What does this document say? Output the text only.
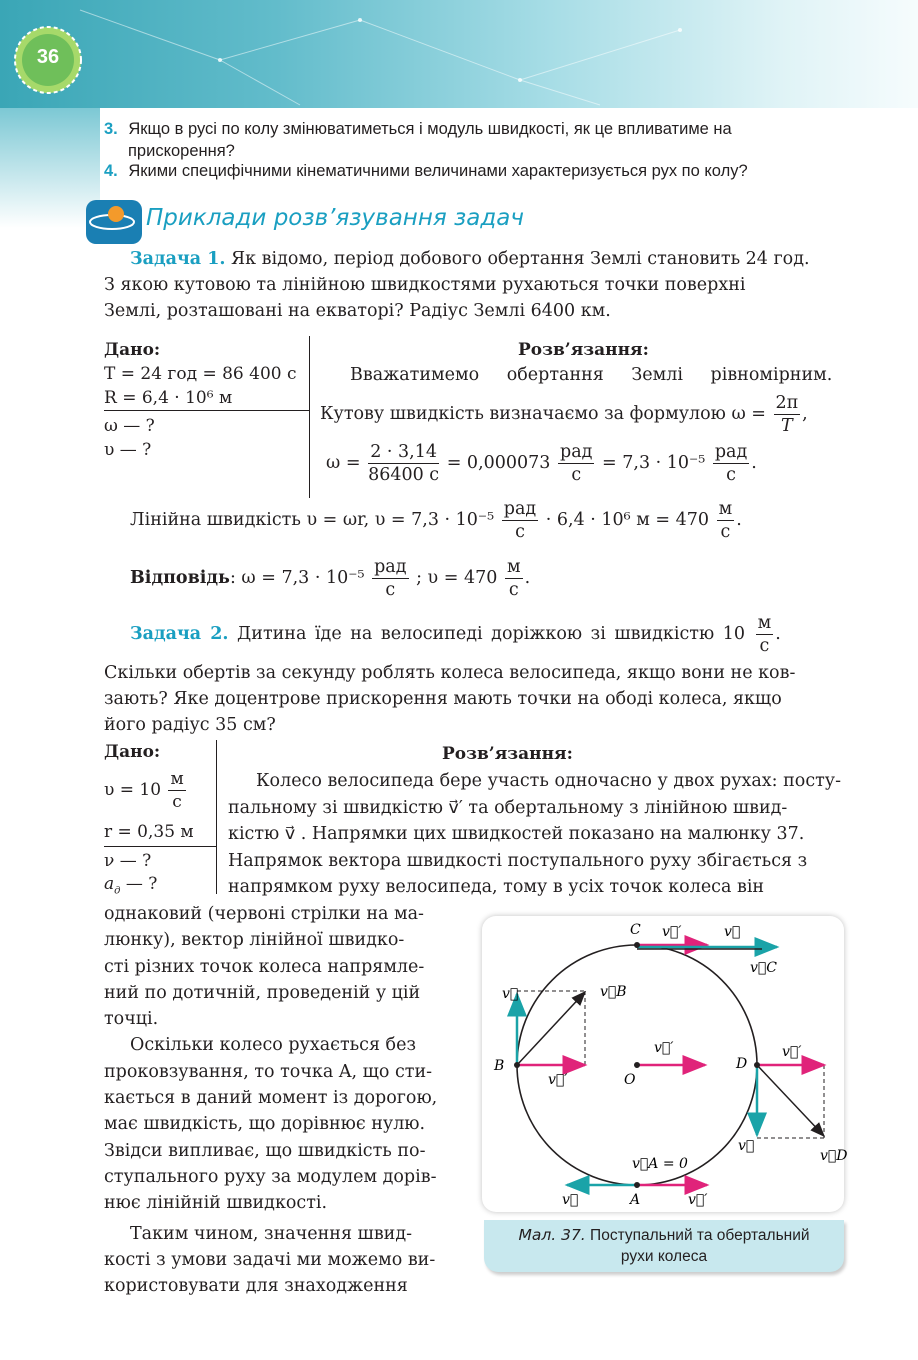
36
3. Якщо в русі по колу змінюватиметься і модуль швидкості, як це впливатиме на
прискорення?
4. Якими специфічними кінематичними величинами характеризується рух по колу?
Приклади розв’язування задач
Задача 1. Як відомо, період добового обертання Землі становить 24 год.
З якою кутовою та лінійною швидкостями рухаються точки поверхні
Землі, розташовані на екваторі? Радіус Землі 6400 км.
Дано:
T = 24 год = 86 400 с
R = 6,4 · 10⁶ м
ω — ?
υ — ?
Розв’язання:
Вважатимемо обертання Землі рівномірним.
Кутову швидкість визначаємо за формулою $\omega = \frac{2\pi}{T}$ ,
$\omega = \frac{2 \cdot 3,14}{86400 с} = 0,000073 \frac{\text{рад}}{с} = 7,3 \cdot 10^{-5} \frac{\text{рад}}{с}$ .
Лінійна швидкість υ = ωr, $\upsilon = 7,3 \cdot 10^{-5} \frac{\text{рад}}{с} \cdot 6,4 \cdot 10^6$ $м = 470 \frac{м}{с}$ .
Відповідь: $\omega = 7,3 \cdot 10^{-5} \frac{\text{рад}}{с}$ ; $\upsilon = 470 \frac{м}{с}$ .
Задача 2. Дитина їде на велосипеді доріжкою зі швидкістю $10 \frac{м}{с}$ .
Скільки обертів за секунду роблять колеса велосипеда, якщо вони не ков-
зають? Яке доцентрове прискорення мають точки на ободі колеса, якщо
його радіус 35 см?
Дано:
$\upsilon = 10 \frac{м}{с}$
r = 0,35 м
ν — ?
$a_д$ — ?
Розв’язання:
Колесо велосипеда бере участь одночасно у двох рухах: посту-
пальному зі швидкістю v⃗′ та обертальному з лінійною швид-
кістю v⃗ . Напрямки цих швидкостей показано на малюнку 37.
Напрямок вектора швидкості поступального руху збігається з
напрямком руху велосипеда, тому в усіх точок колеса він
однаковий (червоні стрілки на ма-
люнку), вектор лінійної швидко-
сті різних точок колеса напрямле-
ний по дотичній, проведеній у цій
точці.
Оскільки колесо рухається без
проковзування, то точка A, що сти-
кається в даний момент із дорогою,
має швидкість, що дорівнює нулю.
Звідси випливає, що швидкість по-
ступального руху за модулем дорів-
нює лінійній швидкості.
Таким чином, значення швид-
кості з умови задачі ми можемо ви-
користовувати для знаходження
C
B
O
D
A
v⃗′	v⃗
v⃗C
v⃗	v⃗B
v⃗′
v⃗′	v⃗′
v⃗
v⃗D
v⃗A = 0
v⃗	v⃗′
Мал. 37. Поступальний та обертальний
рухи колеса
